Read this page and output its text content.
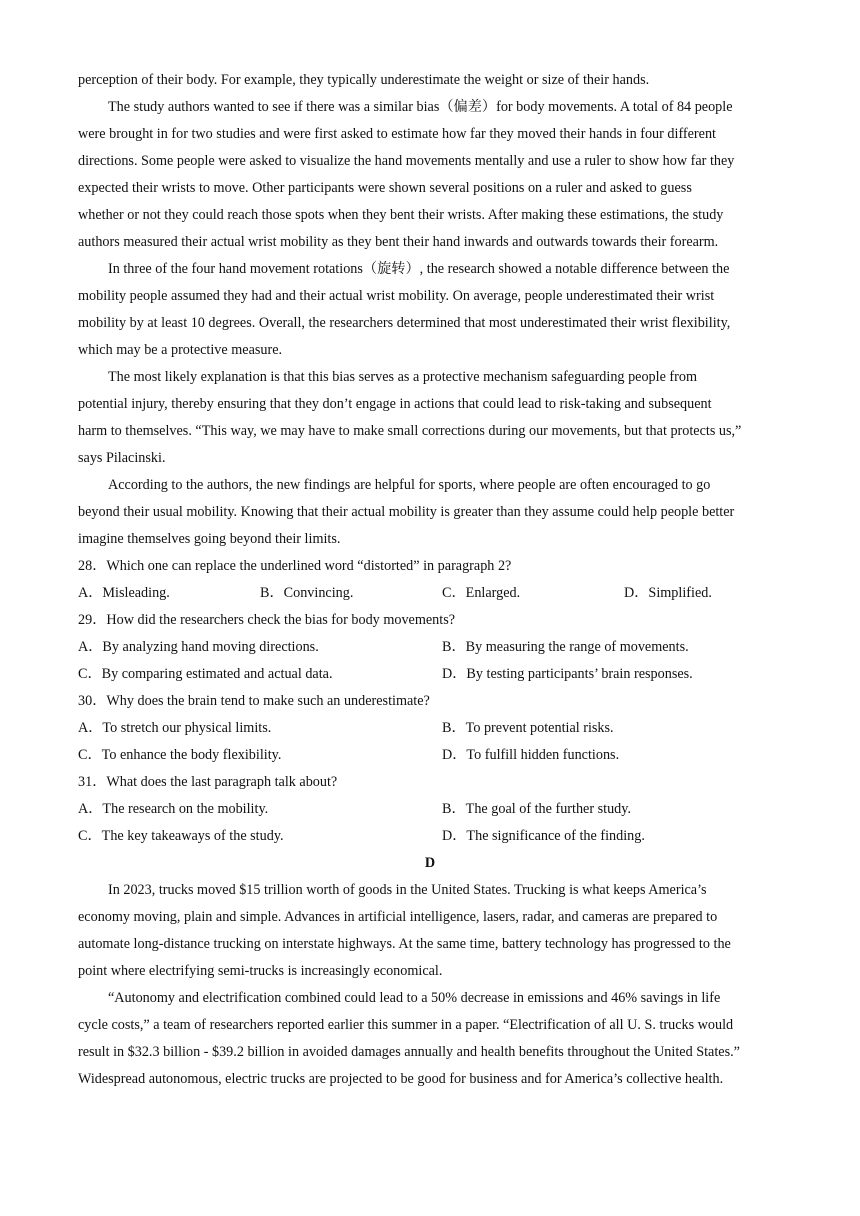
perception of their body. For example, they typically underestimate the weight or size of their hands.
The study authors wanted to see if there was a similar bias（偏差）for body movements. A total of 84 people
were brought in for two studies and were first asked to estimate how far they moved their hands in four different
directions. Some people were asked to visualize the hand movements mentally and use a ruler to show how far they
expected their wrists to move. Other participants were shown several positions on a ruler and asked to guess
whether or not they could reach those spots when they bent their wrists. After making these estimations, the study
authors measured their actual wrist mobility as they bent their hand inwards and outwards towards their forearm.
In three of the four hand movement rotations（旋转）, the research showed a notable difference between the
mobility people assumed they had and their actual wrist mobility. On average, people underestimated their wrist
mobility by at least 10 degrees. Overall, the researchers determined that most underestimated their wrist flexibility,
which may be a protective measure.
The most likely explanation is that this bias serves as a protective mechanism safeguarding people from
potential injury, thereby ensuring that they don’t engage in actions that could lead to risk-taking and subsequent
harm to themselves. “This way, we may have to make small corrections during our movements, but that protects us,”
says Pilacinski.
According to the authors, the new findings are helpful for sports, where people are often encouraged to go
beyond their usual mobility. Knowing that their actual mobility is greater than they assume could help people better
imagine themselves going beyond their limits.
28．Which one can replace the underlined word “distorted” in paragraph 2?
A．Misleading.	B．Convincing.	C．Enlarged.	D．Simplified.
29．How did the researchers check the bias for body movements?
A．By analyzing hand moving directions.	B．By measuring the range of movements.
C．By comparing estimated and actual data.	D．By testing participants’ brain responses.
30．Why does the brain tend to make such an underestimate?
A．To stretch our physical limits.	B．To prevent potential risks.
C．To enhance the body flexibility.	D．To fulfill hidden functions.
31．What does the last paragraph talk about?
A．The research on the mobility.	B．The goal of the further study.
C．The key takeaways of the study.	D．The significance of the finding.
D
In 2023, trucks moved $15 trillion worth of goods in the United States. Trucking is what keeps America’s
economy moving, plain and simple. Advances in artificial intelligence, lasers, radar, and cameras are prepared to
automate long-distance trucking on interstate highways. At the same time, battery technology has progressed to the
point where electrifying semi-trucks is increasingly economical.
“Autonomy and electrification combined could lead to a 50% decrease in emissions and 46% savings in life
cycle costs,” a team of researchers reported earlier this summer in a paper. “Electrification of all U. S. trucks would
result in $32.3 billion - $39.2 billion in avoided damages annually and health benefits throughout the United States.”
Widespread autonomous, electric trucks are projected to be good for business and for America’s collective health.
